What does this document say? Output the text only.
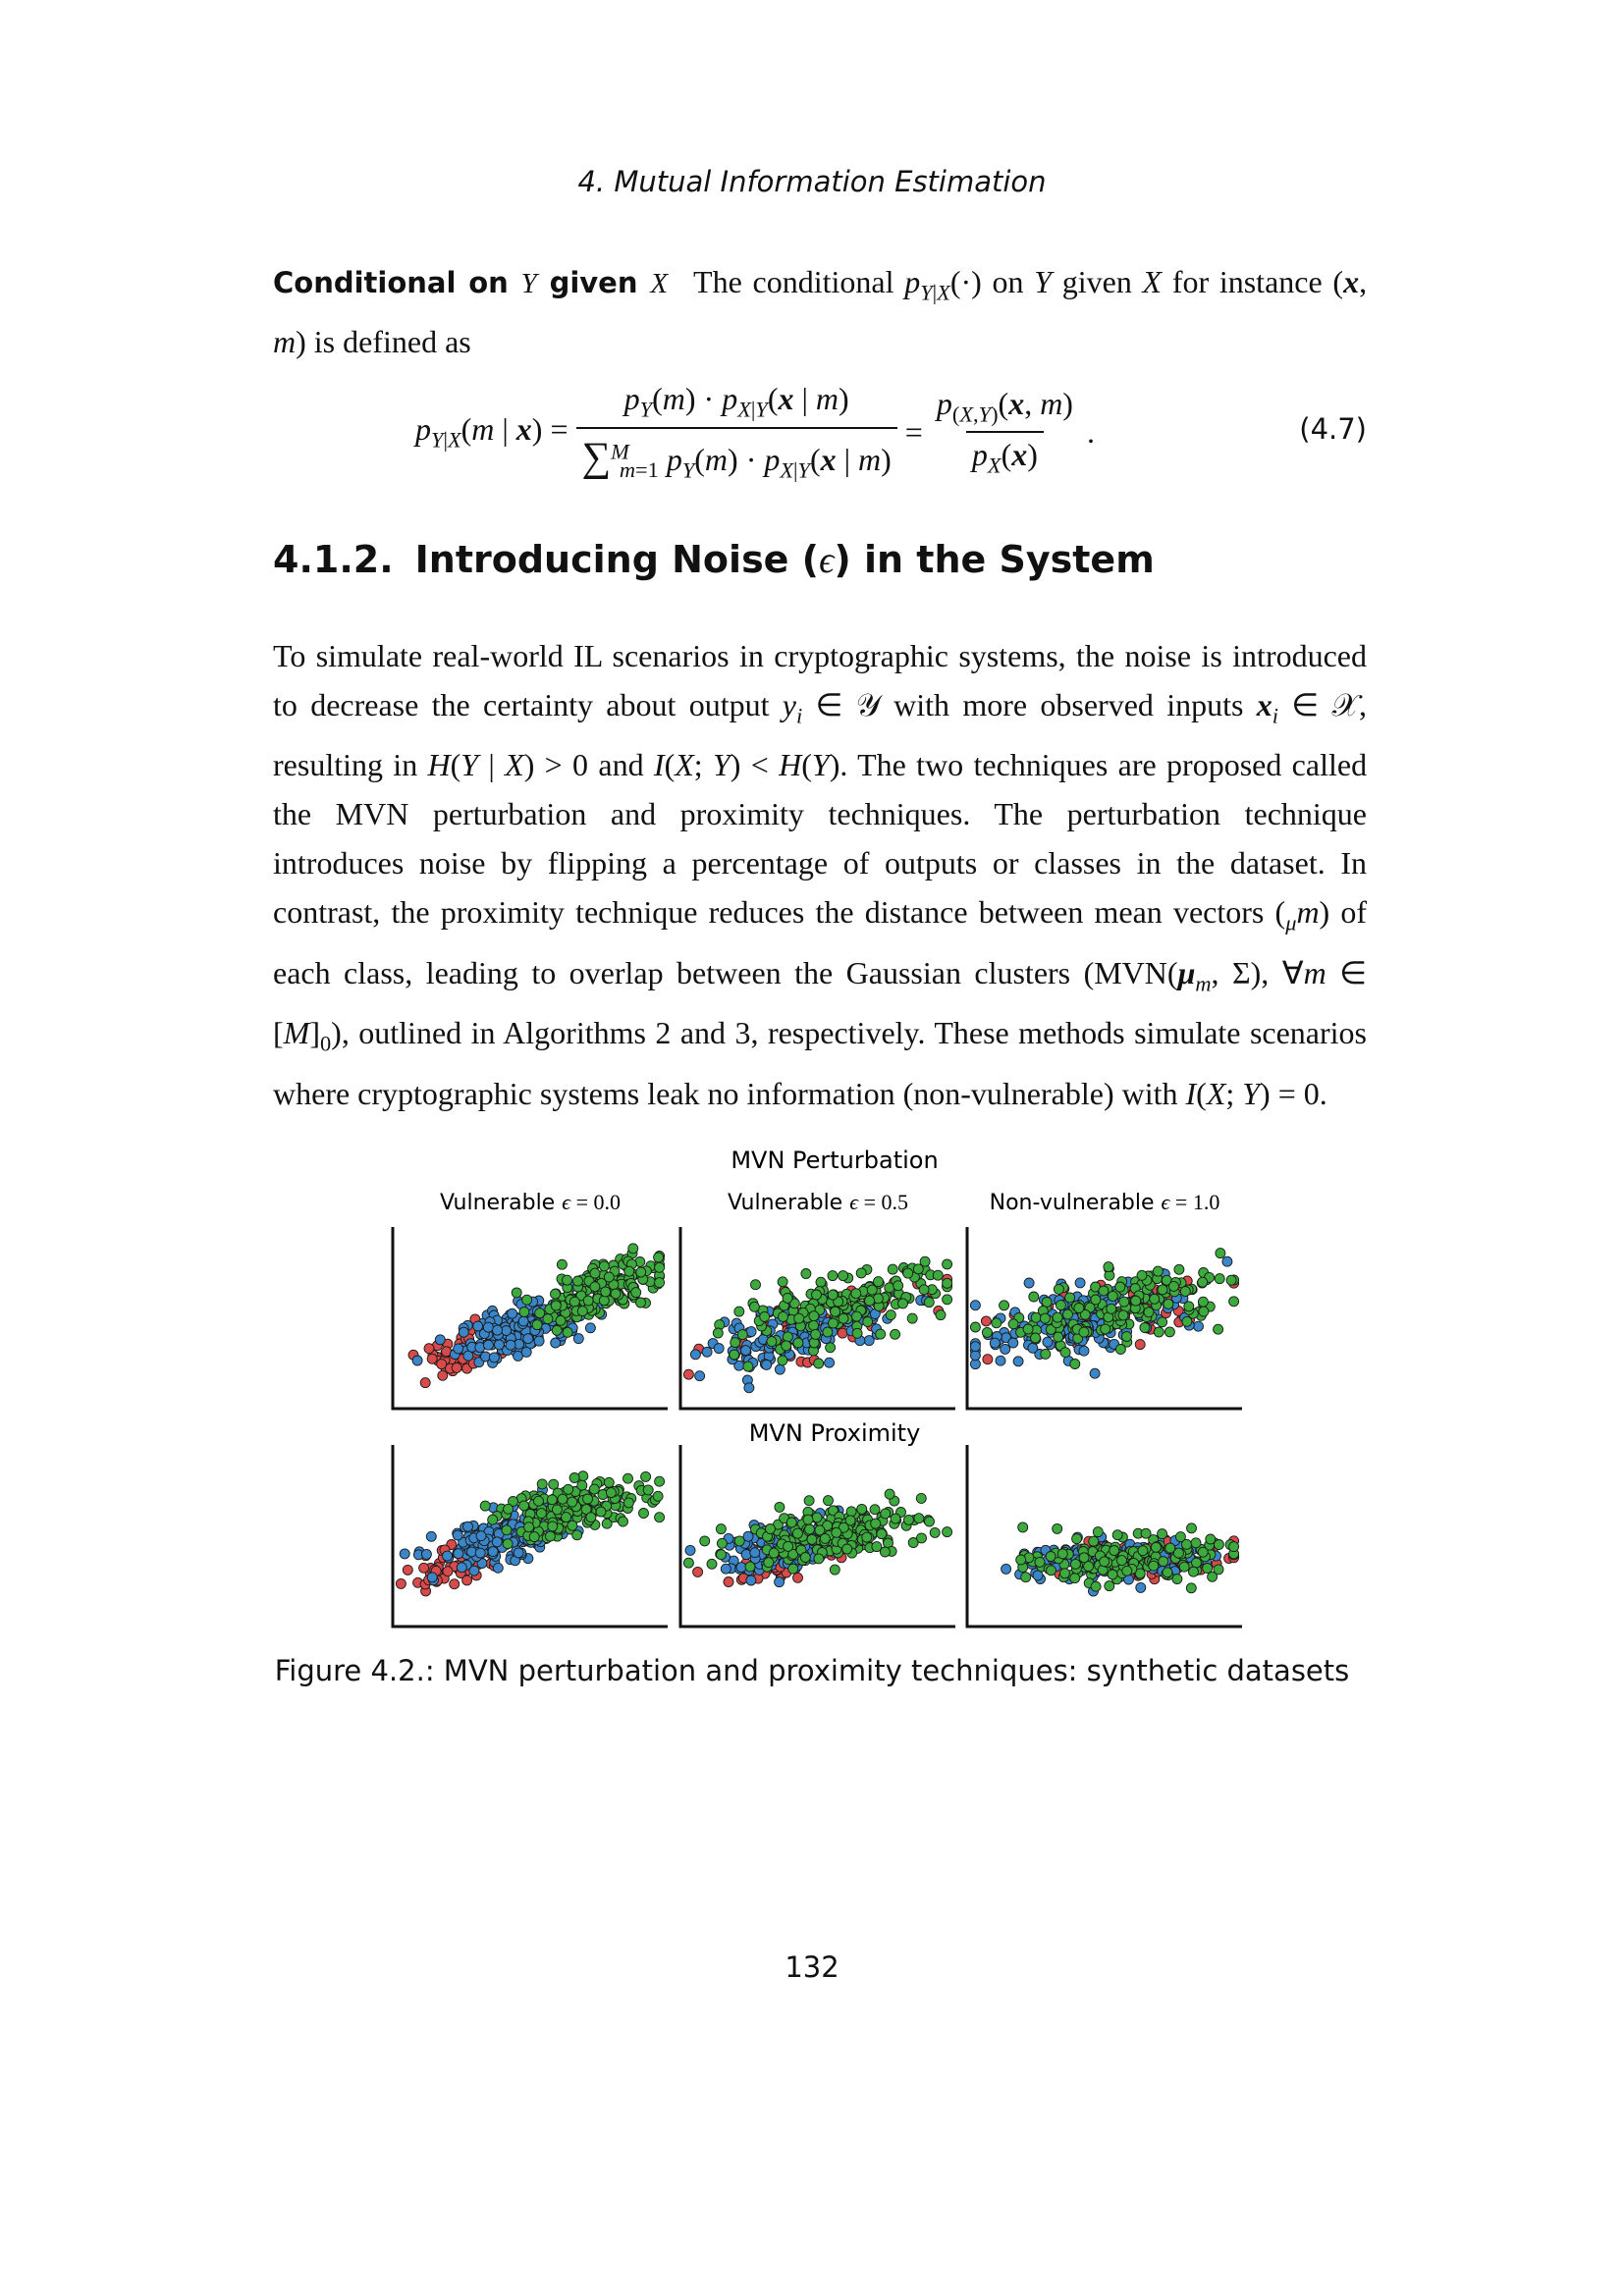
4. Mutual Information Estimation

Conditional on Y given X The conditional $p_{Y|X}(\cdot)$ on Y given X for instance (x, m) is defined as

$p_{Y|X}(m$ | $x) = \frac{p_Y(m) \cdot p_{X|Y}(x | m)}{\sum^M_{m=1} p_Y(m) \cdot p_{X|Y}(x | m)} = \frac{p_{(X,Y)}(x, m)}{p_X(x)}$ .	(4.7)
4.1.2. Introducing Noise (ϵ) in the System

To simulate real-world IL scenarios in cryptographic systems, the noise is introduced to decrease the certainty about output $y_i$ ∈ 𝒴 with more observed inputs $x_i$ ∈ 𝒳, resulting in H(Y | X) > 0 and I(X; Y) < H(Y). The two techniques are proposed called the MVN perturbation and proximity techniques. The perturbation technique introduces noise by flipping a percentage of outputs or classes in the dataset. In contrast, the proximity technique reduces the distance between mean vectors $(_\mu m)$ of each class, leading to overlap between the Gaussian clusters ($MVN(\mu_m$, Σ), ∀m ∈ $[M]_0$), outlined in Algorithms 2 and 3, respectively. These methods simulate scenarios where cryptographic systems leak no information (non-vulnerable) with I(X; Y) = 0.

MVN Perturbation
MVN Proximity
Vulnerable ϵ = 0.0	Vulnerable ϵ = 0.5	Non-vulnerable ϵ = 1.0
Figure 4.2.: MVN perturbation and proximity techniques: synthetic datasets
132
